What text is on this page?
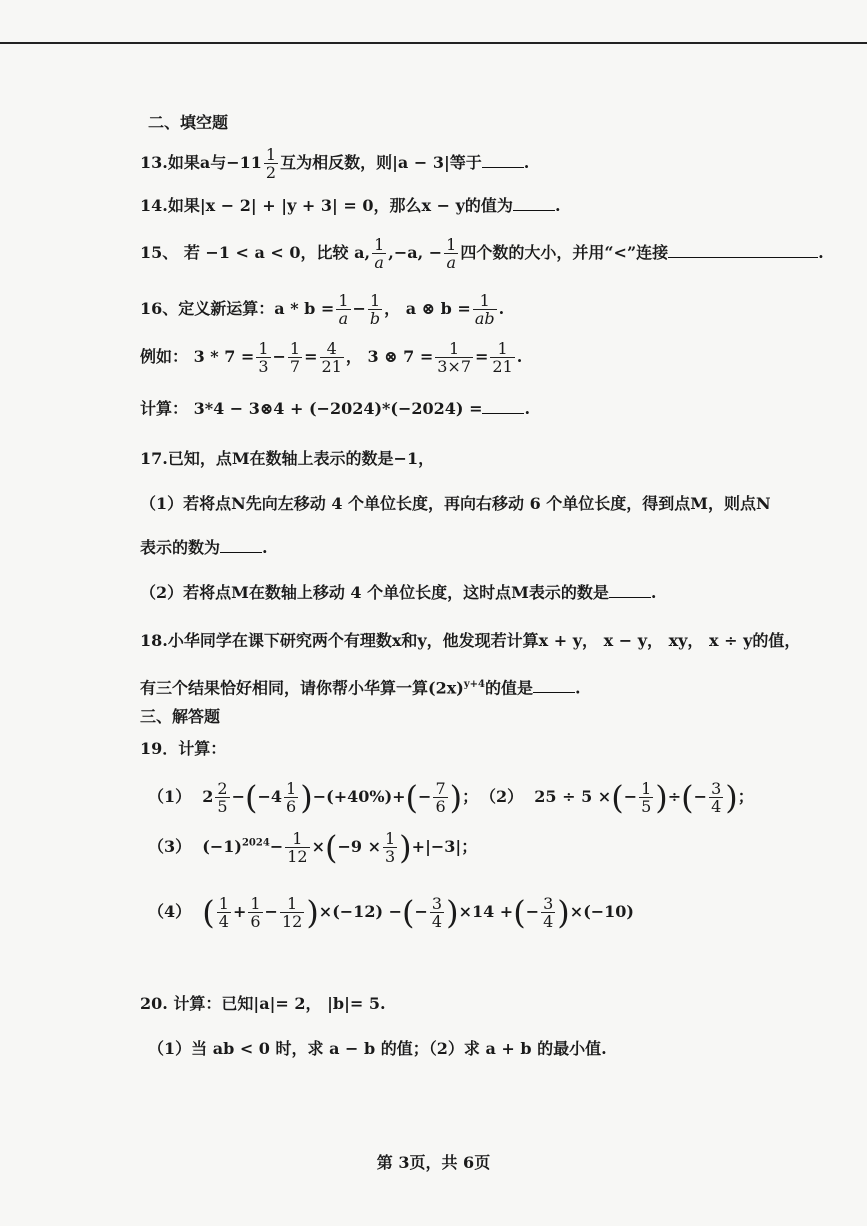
二、填空题
13.如果a与$-11 \frac{1}{2}$ 互为相反数，则|a − 3|等于	.
14.如果|x − 2| + |y + 3| = 0，那么x − y的值为	.
15、 若 −1 < a < 0，比较 a, $\frac{1}{a} ,-a$, − $\frac{1}{a}$ 四个数的大小，并用“<”连接	.
16、定义新运算：$a * b = \frac{1}{a} - \frac{1}{b}$ ， a ⊗ $b = \frac{1}{ab}$ .
例如： $3 * 7 = \frac{1}{3} - \frac{1}{7} = \frac{4}{21}$ ， 3 ⊗ $7 = \frac{1}{3\times 7} = \frac{1}{21}$ .
计算： 3*4 − 3⊗4 + (−2024)*(−2024) =	.
17.已知，点M在数轴上表示的数是−1，
（1）若将点N先向左移动 4 个单位长度，再向右移动 6 个单位长度，得到点M，则点N
表示的数为	.
（2）若将点M在数轴上移动 4 个单位长度，这时点M表示的数是	.
18.小华同学在课下研究两个有理数x和y，他发现若计算x + y， x − y， xy， x ÷ y的值，
有三个结果恰好相同，请你帮小华算一算$(2x)^{y+4}$的值是	.
三、解答题
19．计算：
（1） $2 \frac{2}{5} -(-4 \frac{1}{6} )-(+40\%)+(- \frac{7}{6}$ )； （2） 25 ÷ 5 ×(− $\frac{1}{5}$ )÷(− $\frac{3}{4}$ )；
（3） $(-1)^{2024}- \frac{1}{12} \times(-9 \times \frac{1}{3} )+|-3|$；
（4） ( $\frac{1}{4} + \frac{1}{6} - \frac{1}{12} )\times(-12)$ −(− $\frac{3}{4} )\times 14$ +(− $\frac{3}{4} )\times(-10)$
20. 计算：已知|a|= 2， |b|= 5.
（1）当 ab < 0 时，求 a − b 的值；（2）求 a + b 的最小值.
第 3页，共 6页
